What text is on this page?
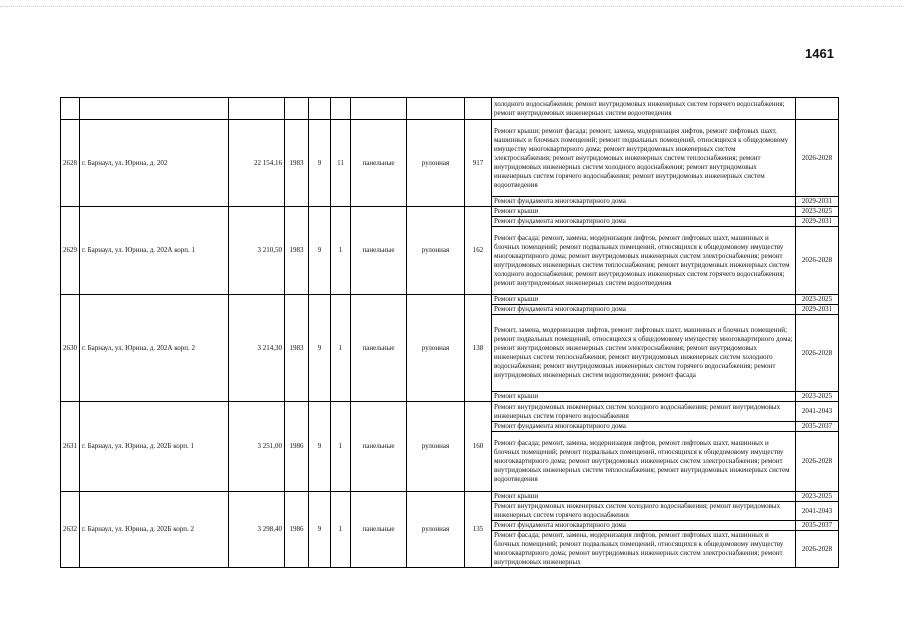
1461
									холодного водоснабжения; ремонт внутридомовых инженерных систем горячего водоснабжения; ремонт внутридомовых инженерных систем водоотведения	
2628	г. Барнаул, ул. Юрина, д. 202	22 154,16	1983	9	11	панельные	рулонная	917	Ремонт крыши; ремонт фасада; ремонт, замена, модернизация лифтов, ремонт лифтовых шахт, машинных и блочных помещений; ремонт подвальных помещений, относящихся к общедомовому имуществу многоквартирного дома; ремонт внутридомовых инженерных систем электроснабжения; ремонт внутридомовых инженерных систем теплоснабжения; ремонт внутридомовых инженерных систем холодного водоснабжения; ремонт внутридомовых инженерных систем горячего водоснабжения; ремонт внутридомовых инженерных систем водоотведения	2026-2028
									Ремонт фундамента многоквартирного дома	2029-2031
2629	г. Барнаул, ул. Юрина, д. 202А корп. 1	3 210,50	1983	9	1	панельные	рулонная	162	Ремонт крыши	2023-2025
									Ремонт фундамента многоквартирного дома	2029-2031
									Ремонт фасада; ремонт, замена, модернизация лифтов, ремонт лифтовых шахт, машинных и блочных помещений; ремонт подвальных помещений, относящихся к общедомовому имуществу многоквартирного дома; ремонт внутридомовых инженерных систем электроснабжения; ремонт внутридомовых инженерных систем теплоснабжения; ремонт внутридомовых инженерных систем холодного водоснабжения; ремонт внутридомовых инженерных систем горячего водоснабжения; ремонт внутридомовых инженерных систем водоотведения	2026-2028
2630	г. Барнаул, ул. Юрина, д. 202А корп. 2	3 214,30	1983	9	1	панельные	рулонная	138	Ремонт крыши	2023-2025
									Ремонт фундамента многоквартирного дома	2029-2031
									Ремонт, замена, модернизация лифтов, ремонт лифтовых шахт, машинных и блочных помещений; ремонт подвальных помещений, относящихся к общедомовому имуществу многоквартирного дома; ремонт внутридомовых инженерных систем электроснабжения; ремонт внутридомовых инженерных систем теплоснабжения; ремонт внутридомовых инженерных систем холодного водоснабжения; ремонт внутридомовых инженерных систем горячего водоснабжения; ремонт внутридомовых инженерных систем водоотведения; ремонт фасада	2026-2028
									Ремонт крыши	2023-2025
2631	г. Барнаул, ул. Юрина, д. 202Б корп. 1	3 251,00	1986	9	1	панельные	рулонная	160	Ремонт внутридомовых инженерных систем холодного водоснабжения; ремонт внутридомовых инженерных систем горячего водоснабжения	2041-2043
									Ремонт фундамента многоквартирного дома	2035-2037
									Ремонт фасада; ремонт, замена, модернизация лифтов, ремонт лифтовых шахт, машинных и блочных помещений; ремонт подвальных помещений, относящихся к общедомовому имуществу многоквартирного дома; ремонт внутридомовых инженерных систем электроснабжения; ремонт внутридомовых инженерных систем теплоснабжения; ремонт внутридомовых инженерных систем водоотведения	2026-2028
2632	г. Барнаул, ул. Юрина, д. 202Б корп. 2	3 298,40	1986	9	1	панельные	рулонная	135	Ремонт крыши	2023-2025
									Ремонт внутридомовых инженерных систем холодного водоснабжения; ремонт внутридомовых инженерных систем горячего водоснабжения	2041-2043
									Ремонт фундамента многоквартирного дома	2035-2037
									Ремонт фасада; ремонт, замена, модернизация лифтов, ремонт лифтовых шахт, машинных и блочных помещений; ремонт подвальных помещений, относящихся к общедомовому имуществу многоквартирного дома; ремонт внутридомовых инженерных систем электроснабжения; ремонт внутридомовых инженерных	2026-2028
